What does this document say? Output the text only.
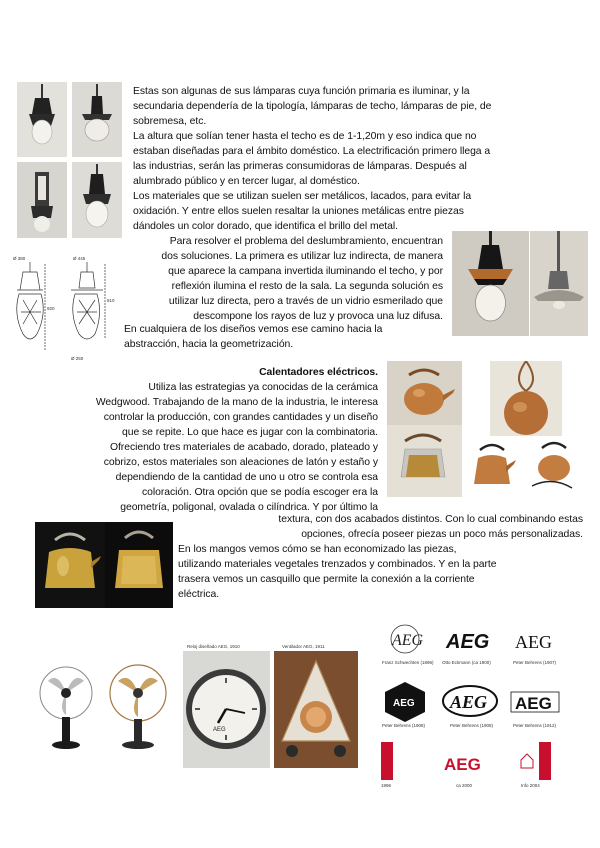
Ø 380	Ø 445
920
810
Ø 250

Estas son algunas de sus lámparas cuya función primaria es iluminar, y la

secundaria dependería de la tipología, lámparas de techo, lámparas de pie, de

sobremesa, etc.

La altura que solían tener hasta el techo es de 1-1,20m y eso indica que no

estaban diseñadas para el ámbito doméstico. La electrificación primero llega a

las industrias, serán las primeras consumidoras de lámparas. Después al

alumbrado público y en tercer lugar, al doméstico.

Los materiales que se utilizan suelen ser metálicos, lacados, para evitar la

oxidación. Y entre ellos suelen resaltar la uniones metálicas entre piezas

dándoles un color dorado, que identifica el brillo del metal.

Para resolver el problema del deslumbramiento, encuentran

dos soluciones. La primera es utilizar luz indirecta, de manera

que aparece la campana invertida iluminando el techo, y por

reflexión ilumina el resto de la sala. La segunda solución es

utilizar luz directa, pero a través de un vidrio esmerilado que

descompone los rayos de luz y provoca una luz difusa.

En cualquiera de los diseños vemos ese camino hacia la

abstracción, hacia la geometrización.

Calentadores eléctricos.

Utiliza las estrategias ya conocidas de la cerámica

Wedgwood. Trabajando de la mano de la industria, le interesa

controlar la producción, con grandes cantidades y un diseño

que se repite. Lo que hace es jugar con la combinatoria.

Ofreciendo tres materiales de acabado, dorado, plateado y

cobrizo, estos materiales son aleaciones de latón y estaño y

dependiendo de la cantidad de uno u otro se controla esa

coloración. Otra opción que se podía escoger era la

geometría, poligonal, ovalada o cilíndrica. Y por último la

textura, con dos acabados distintos. Con lo cual combinando estas

opciones, ofrecía poseer piezas un poco más personalizadas.

En los mangos vemos cómo se han economizado las piezas,

utilizando materiales vegetales trenzados y combinados. Y en la parte

trasera vemos un casquillo que permite la conexión a la corriente

eléctrica.

Reloj diseñado AEG, 1910
AEG
Ventilador AEG, 1911	AEG
Franz Schwechten (1896)
AEG
Otto Eckmann (ca 1900)
AEG
Peter Behrens (1907)
AEG
Peter Behrens (1908)
AEG
Peter Behrens (1908)
AEG
Peter Behrens (1912)
AEG
1996
AEG
ca 2000
AEG
Info 2004
